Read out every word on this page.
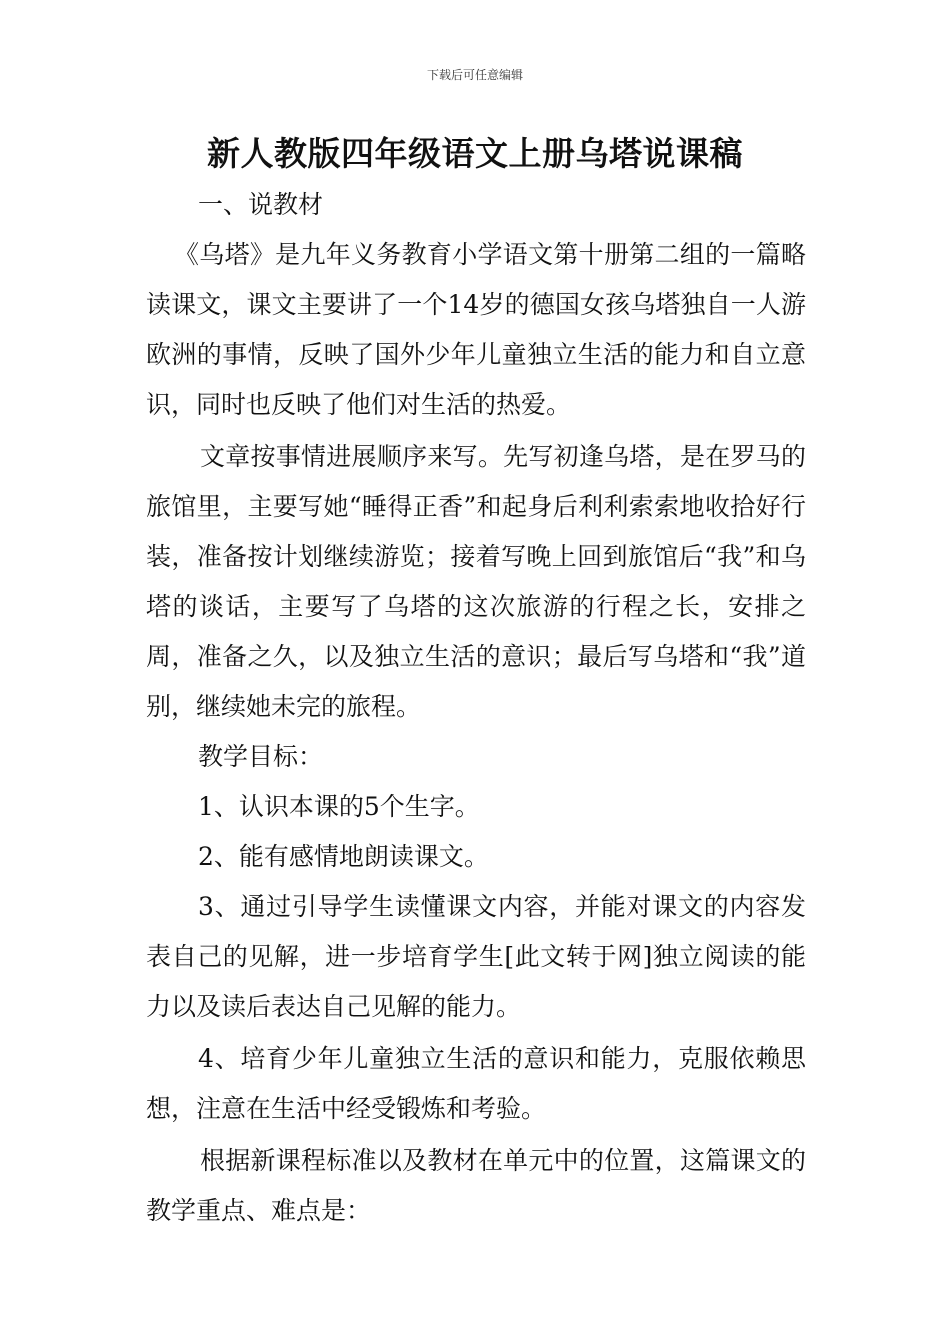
下载后可任意编辑
新人教版四年级语文上册乌塔说课稿

一、说教材

《乌塔》是九年义务教育小学语文第十册第二组的一篇略读课文，课文主要讲了一个14岁的德国女孩乌塔独自一人游欧洲的事情，反映了国外少年儿童独立生活的能力和自立意识，同时也反映了他们对生活的热爱。

文章按事情进展顺序来写。先写初逢乌塔，是在罗马的旅馆里，主要写她“睡得正香”和起身后利利索索地收拾好行装，准备按计划继续游览；接着写晚上回到旅馆后“我”和乌塔的谈话，主要写了乌塔的这次旅游的行程之长，安排之周，准备之久，以及独立生活的意识；最后写乌塔和“我”道别，继续她未完的旅程。

教学目标：

1、认识本课的5个生字。

2、能有感情地朗读课文。

3、通过引导学生读懂课文内容，并能对课文的内容发表自己的见解，进一步培育学生[此文转于网]独立阅读的能力以及读后表达自己见解的能力。

4、培育少年儿童独立生活的意识和能力，克服依赖思想，注意在生活中经受锻炼和考验。

根据新课程标准以及教材在单元中的位置，这篇课文的教学重点、难点是：
